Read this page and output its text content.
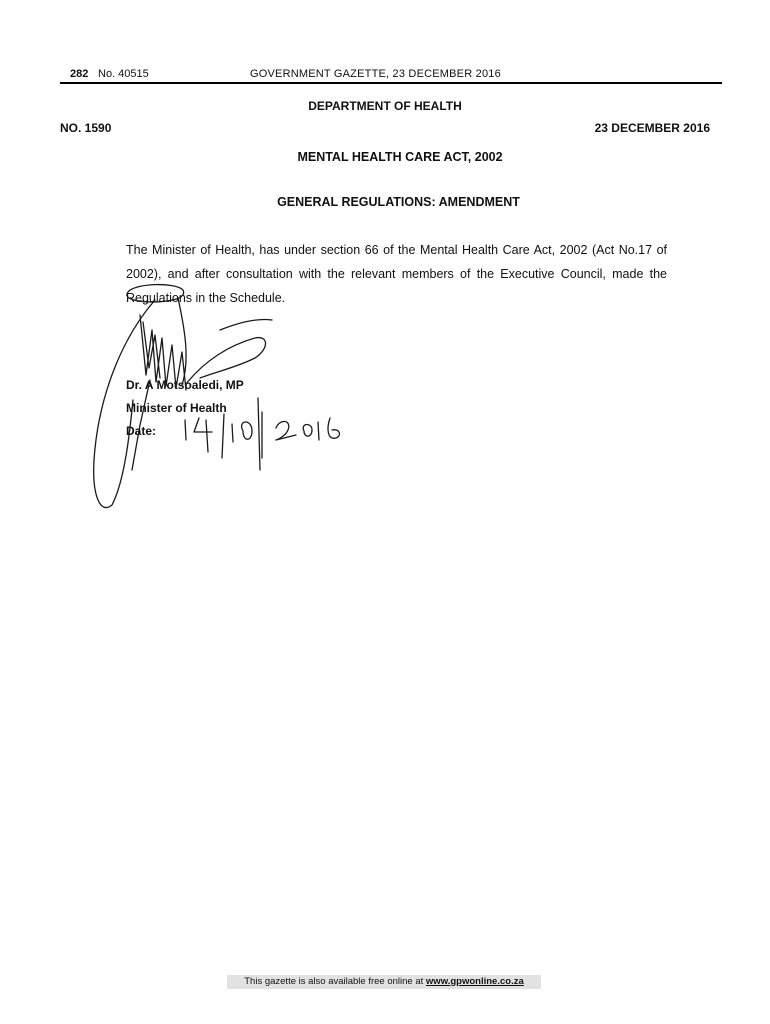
282 No. 40515	GOVERNMENT GAZETTE, 23 DECEMBER 2016
DEPARTMENT OF HEALTH
NO. 1590	23 DECEMBER 2016
MENTAL HEALTH CARE ACT, 2002
GENERAL REGULATIONS: AMENDMENT
The Minister of Health, has under section 66 of the Mental Health Care Act, 2002 (Act No.17 of 2002), and after consultation with the relevant members of the Executive Council, made the Regulations in the Schedule.
Dr. A Motsoaledi, MP
Minister of Health
Date:
This gazette is also available free online at www.gpwonline.co.za
